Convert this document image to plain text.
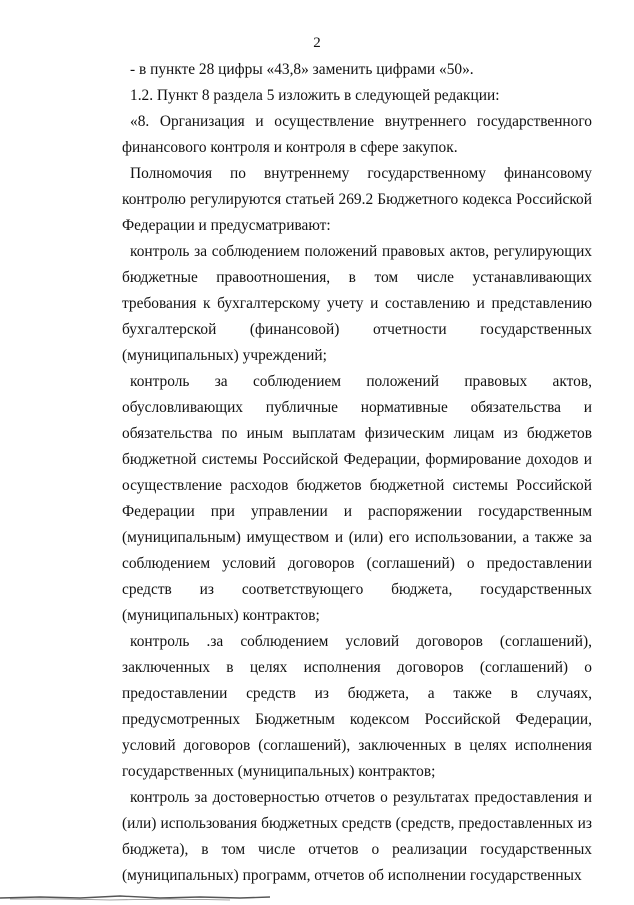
2

- в пункте 28 цифры «43,8» заменить цифрами «50».

1.2. Пункт 8 раздела 5 изложить в следующей редакции:

«8. Организация и осуществление внутреннего государственного финансового контроля и контроля в сфере закупок.

Полномочия по внутреннему государственному финансовому контролю регулируются статьей 269.2 Бюджетного кодекса Российской Федерации и предусматривают:

контроль за соблюдением положений правовых актов, регулирующих бюджетные правоотношения, в том числе устанавливающих требования к бухгалтерскому учету и составлению и представлению бухгалтерской (финансовой) отчетности государственных (муниципальных) учреждений;

контроль за соблюдением положений правовых актов, обусловливающих публичные нормативные обязательства и обязательства по иным выплатам физическим лицам из бюджетов бюджетной системы Российской Федерации, формирование доходов и осуществление расходов бюджетов бюджетной системы Российской Федерации при управлении и распоряжении государственным (муниципальным) имуществом и (или) его использовании, а также за соблюдением условий договоров (соглашений) о предоставлении средств из соответствующего бюджета, государственных (муниципальных) контрактов;

контроль .за соблюдением условий договоров (соглашений), заключенных в целях исполнения договоров (соглашений) о предоставлении средств из бюджета, а также в случаях, предусмотренных Бюджетным кодексом Российской Федерации, условий договоров (соглашений), заключенных в целях исполнения государственных (муниципальных) контрактов;

контроль за достоверностью отчетов о результатах предоставления и (или) использования бюджетных средств (средств, предоставленных из бюджета), в том числе отчетов о реализации государственных (муниципальных) программ, отчетов об исполнении государственных
